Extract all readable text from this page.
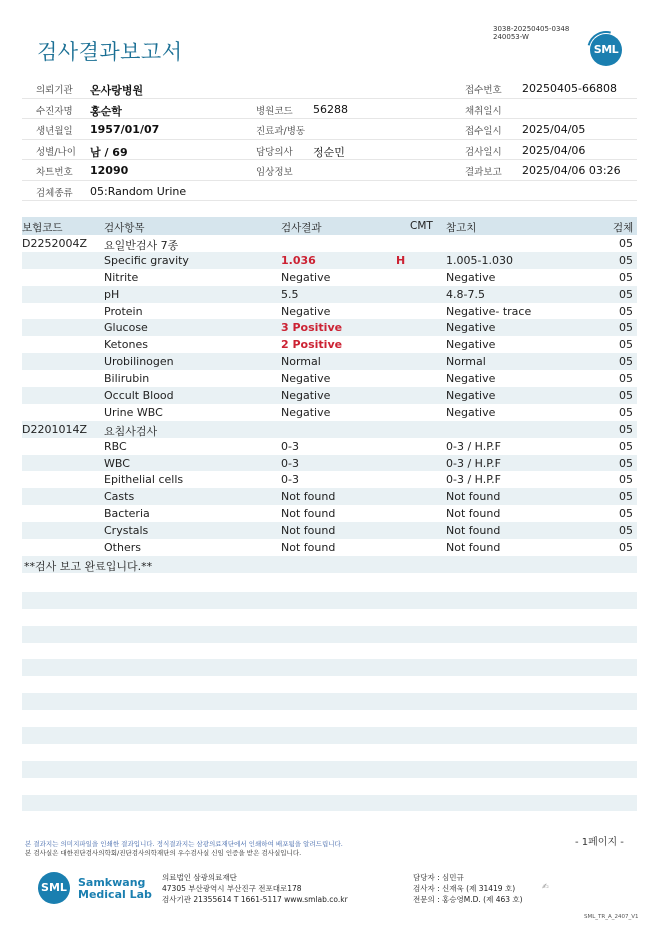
3038-20250405-0348
240053-W
검사결과보고서	SML
의뢰기관 온사랑병원	접수번호 20250405-66808
수진자명 홍순학	병원코드 56288	채취일시
생년월일 1957/01/07	진료과/병동	접수일시 2025/04/05
성별/나이 남 / 69	담당의사 정순민	검사일시 2025/04/06
차트번호 12090	임상정보	결과보고 2025/04/06 03:26
검체종류 05:Random Urine
보험코드	검사항목	검사결과	CMT 참고치	검체
D2252004Z 요일반검사 7종	05
Specific gravity	1.036	H	1.005-1.030	05
Nitrite	Negative	Negative	05
pH	5.5	4.8-7.5	05
Protein	Negative	Negative- trace	05
Glucose	3 Positive	Negative	05
Ketones	2 Positive	Negative	05
Urobilinogen	Normal	Normal	05
Bilirubin	Negative	Negative	05
Occult Blood	Negative	Negative	05
Urine WBC	Negative	Negative	05
D2201014Z 요침사검사	05
RBC	0-3	0-3 / H.P.F	05
WBC	0-3	0-3 / H.P.F	05
Epithelial cells	0-3	0-3 / H.P.F	05
Casts	Not found	Not found	05
Bacteria	Not found	Not found	05
Crystals	Not found	Not found	05
Others	Not found	Not found	05
**검사 보고 완료입니다.**
- 1페이지 -
본 결과지는 의미지파일을 인쇄한 결과입니다. 정식결과지는 삼광의료재단에서 인쇄하여 배포됨을 알려드립니다.
본 검사실은 대한진단검사의학회/진단검사의학재단의 우수검사실 신임 인증을 받은 검사실입니다.
SML Samkwang
Medical Lab
의료법인 삼광의료재단
47305 부산광역시 부산진구 전포대로178
검사기관 21355614 T 1661-5117 www.smlab.co.kr
담당자 : 심민규
검사자 : 신재욱 (제 31419 호)
전문의 : 홍승영M.D. (제 463 호)
✍
SML_TR_A_2407_V1
